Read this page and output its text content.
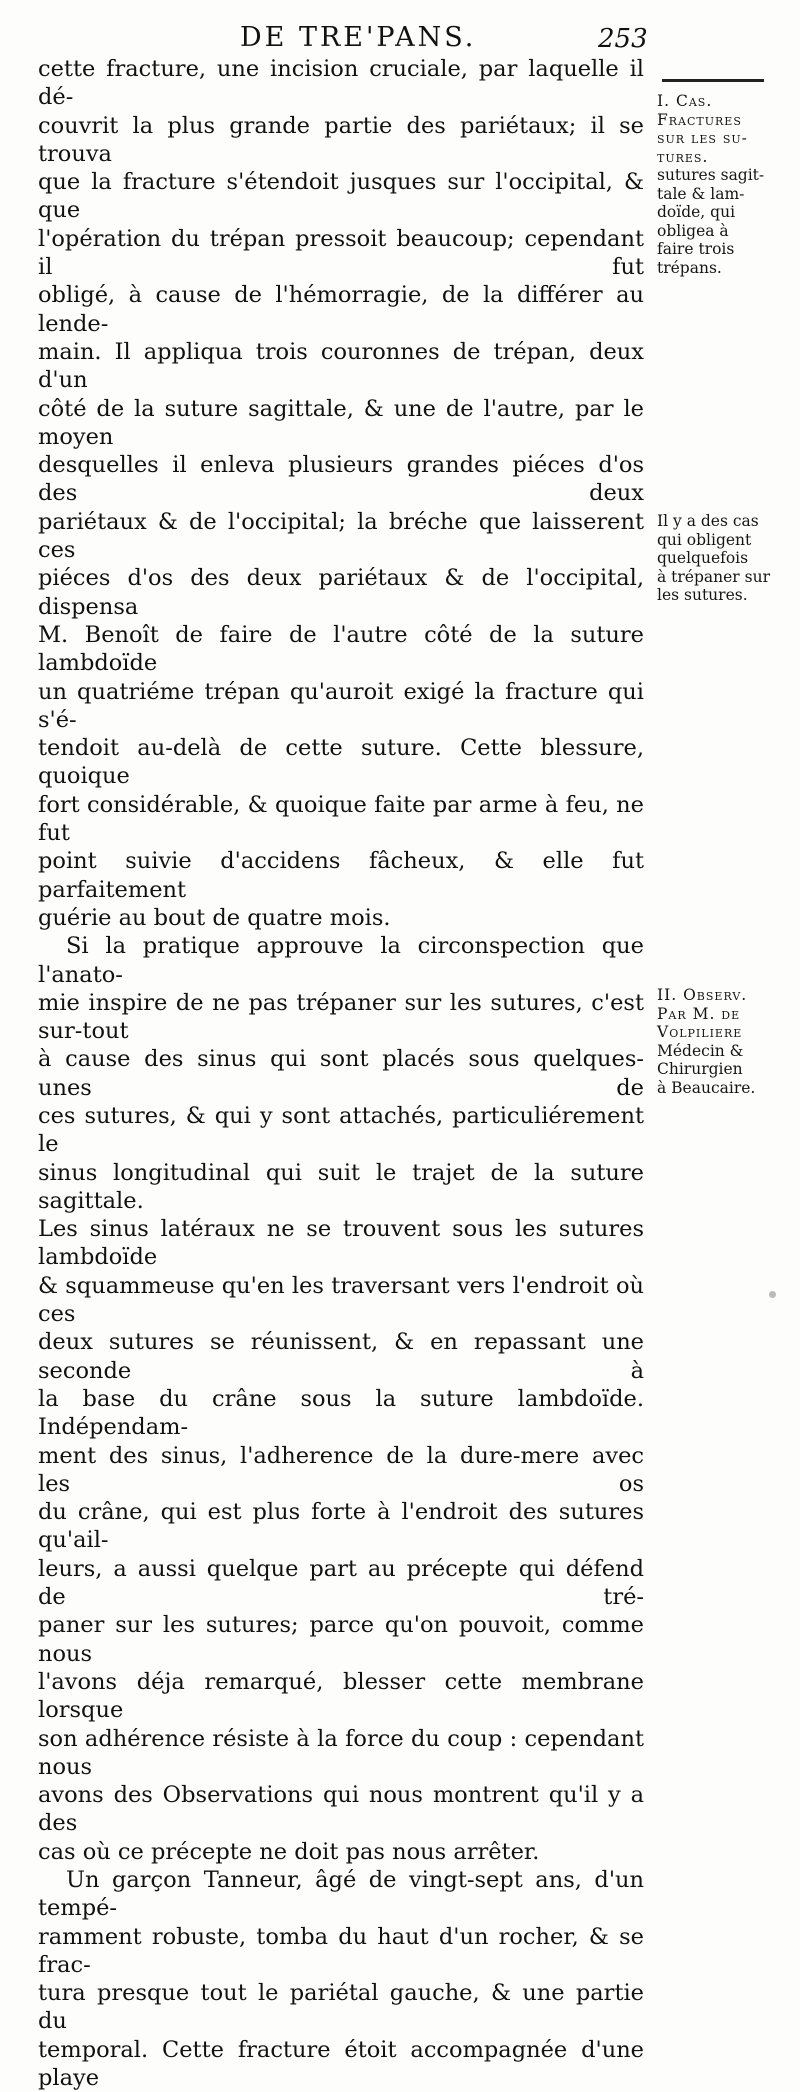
DE TRE'PANS.	253

cette fracture, une incision cruciale, par laquelle il dé-

couvrit la plus grande partie des pariétaux; il se trouva

que la fracture s'étendoit jusques sur l'occipital, & que

l'opération du trépan pressoit beaucoup; cependant il fut

obligé, à cause de l'hémorragie, de la différer au lende-

main. Il appliqua trois couronnes de trépan, deux d'un

côté de la suture sagittale, & une de l'autre, par le moyen

desquelles il enleva plusieurs grandes piéces d'os des deux

pariétaux & de l'occipital; la bréche que laisserent ces

piéces d'os des deux pariétaux & de l'occipital, dispensa

M. Benoît de faire de l'autre côté de la suture lambdoïde

un quatriéme trépan qu'auroit exigé la fracture qui s'é-

tendoit au-delà de cette suture. Cette blessure, quoique

fort considérable, & quoique faite par arme à feu, ne fut

point suivie d'accidens fâcheux, & elle fut parfaitement

guérie au bout de quatre mois.

Si la pratique approuve la circonspection que l'anato-

mie inspire de ne pas trépaner sur les sutures, c'est sur-tout

à cause des sinus qui sont placés sous quelques-unes de

ces sutures, & qui y sont attachés, particuliérement le

sinus longitudinal qui suit le trajet de la suture sagittale.

Les sinus latéraux ne se trouvent sous les sutures lambdoïde

& squammeuse qu'en les traversant vers l'endroit où ces

deux sutures se réunissent, & en repassant une seconde à

la base du crâne sous la suture lambdoïde. Indépendam-

ment des sinus, l'adherence de la dure-mere avec les os

du crâne, qui est plus forte à l'endroit des sutures qu'ail-

leurs, a aussi quelque part au précepte qui défend de tré-

paner sur les sutures; parce qu'on pouvoit, comme nous

l'avons déja remarqué, blesser cette membrane lorsque

son adhérence résiste à la force du coup : cependant nous

avons des Observations qui nous montrent qu'il y a des

cas où ce précepte ne doit pas nous arrêter.

Un garçon Tanneur, âgé de vingt-sept ans, d'un tempé-

ramment robuste, tomba du haut d'un rocher, & se frac-

tura presque tout le pariétal gauche, & une partie du

temporal. Cette fracture étoit accompagnée d'une playe

I. Cas.
Fractures
sur les su-
tures.
sutures sagit-
tale & lam-
doïde, qui
obligea à
faire trois
trépans.
Il y a des cas
qui obligent
quelquefois
à trépaner sur
les sutures.
II. Observ.
Par M. de
Volpiliere
Médecin &
Chirurgien
à Beaucaire.
